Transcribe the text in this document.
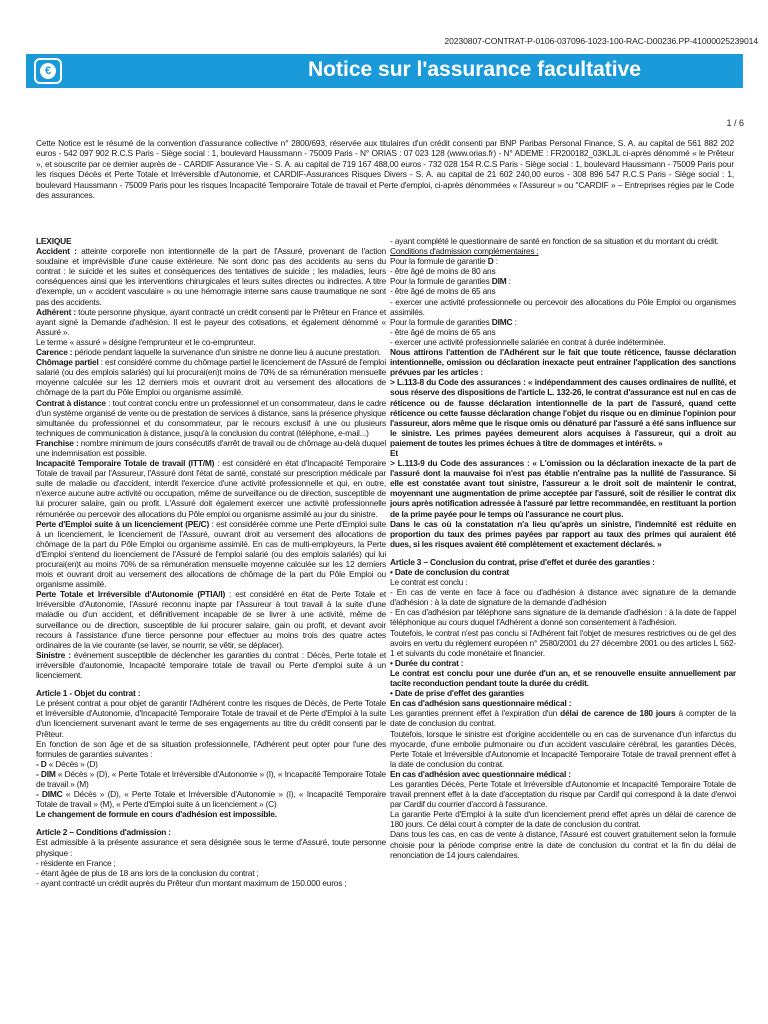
20230807-CONTRAT-P-0106-037096-1023-100-RAC-D00236.PP-41000025239014
€	Notice sur l'assurance facultative
1 / 6
Cette Notice est le résumé de la convention d'assurance collective n° 2800/693, réservée aux titulaires d'un crédit consenti par BNP Paribas Personal Finance, S. A. au capital de 561 882 202 euros - 542 097 902 R.C.S Paris - Siège social : 1, boulevard Haussmann - 75009 Paris - N° ORIAS : 07 023 128 (www.orias.fr) - N° ADEME : FR200182_03KLJL ci-après dénommé « le Prêteur », et souscrite par ce dernier auprès de - CARDIF Assurance Vie - S. A. au capital de 719 167 488,00 euros - 732 028 154 R.C.S Paris - Siège social : 1, boulevard Haussmann - 75009 Paris pour les risques Décès et Perte Totale et Irréversible d'Autonomie, et CARDIF-Assurances Risques Divers - S. A. au capital de 21 602 240,00 euros - 308 896 547 R.C.S Paris - Siège social : 1, boulevard Haussmann - 75009 Paris pour les risques Incapacité Temporaire Totale de travail et Perte d'emploi, ci-après dénommées « l'Assureur » ou "CARDIF » – Entreprises régies par le Code des assurances.

LEXIQUE

Accident : atteinte corporelle non intentionnelle de la part de l'Assuré, provenant de l'action soudaine et imprévisible d'une cause extérieure. Ne sont donc pas des accidents au sens du contrat : le suicide et les suites et conséquences des tentatives de suicide ; les maladies, leurs conséquences ainsi que les interventions chirurgicales et leurs suites directes ou indirectes. A titre d'exemple, un « accident vasculaire » ou une hémorragie interne sans cause traumatique ne sont pas des accidents.

Adhérent : toute personne physique, ayant contracté un crédit consenti par le Prêteur en France et ayant signé la Demande d'adhésion. Il est le payeur des cotisations, et également dénommé « Assuré ».

Le terme « assuré » désigne l'emprunteur et le co-emprunteur.

Carence : période pendant laquelle la survenance d'un sinistre ne donne lieu à aucune prestation.

Chômage partiel : est considéré comme du chômage partiel le licenciement de l'Assuré de l'emploi salarié (ou des emplois salariés) qui lui procurai(en)t moins de 70% de sa rémunération mensuelle moyenne calculée sur les 12 derniers mois et ouvrant droit au versement des allocations de chômage de la part du Pôle Emploi ou organisme assimilé.

Contrat à distance : tout contrat conclu entre un professionnel et un consommateur, dans le cadre d'un système organisé de vente ou de prestation de services à distance, sans la présence physique simultanée du professionnel et du consommateur, par le recours exclusif à une ou plusieurs techniques de communication à distance, jusqu'à la conclusion du contrat (téléphone, e-mail...)

Franchise : nombre minimum de jours consécutifs d'arrêt de travail ou de chômage au-delà duquel une indemnisation est possible.

Incapacité Temporaire Totale de travail (ITT/M) : est considéré en état d'Incapacité Temporaire Totale de travail par l'Assureur, l'Assuré dont l'état de santé, constaté sur prescription médicale par suite de maladie ou d'accident, interdit l'exercice d'une activité professionnelle et qui, en outre, n'exerce aucune autre activité ou occupation, même de surveillance ou de direction, susceptible de lui procurer salaire, gain ou profit. L'Assuré doit également exercer une activité professionnelle rémunérée ou percevoir des allocations du Pôle emploi ou organisme assimilé au jour du sinistre.

Perte d'Emploi suite à un licenciement (PE/C) : est considérée comme une Perte d'Emploi suite à un licenciement, le licenciement de l'Assuré, ouvrant droit au versement des allocations de chômage de la part du Pôle Emploi ou organisme assimilé. En cas de multi-employeurs, la Perte d'Emploi s'entend du licenciement de l'Assuré de l'emploi salarié (ou des emplois salariés) qui lui procurai(en)t au moins 70% de sa rémunération mensuelle moyenne calculée sur les 12 derniers mois et ouvrant droit au versement des allocations de chômage de la part du Pôle Emploi ou organisme assimilé.

Perte Totale et Irréversible d'Autonomie (PTIA/I) : est considéré en état de Perte Totale et Irréversible d'Autonomie, l'Assuré reconnu inapte par l'Assureur à tout travail à la suite d'une maladie ou d'un accident, et définitivement incapable de se livrer à une activité, même de surveillance ou de direction, susceptible de lui procurer salaire, gain ou profit, et devant avoir recours à l'assistance d'une tierce personne pour effectuer au moins trois des quatre actes ordinaires de la vie courante (se laver, se nourrir, se vêtir, se déplacer).

Sinistre : événement susceptible de déclencher les garanties du contrat : Décès, Perte totale et irréversible d'autonomie, Incapacité temporaire totale de travail ou Perte d'emploi suite à un licenciement.

Article 1 - Objet du contrat :

Le présent contrat a pour objet de garantir l'Adhérent contre les risques de Décès, de Perte Totale et Irréversible d'Autonomie, d'Incapacité Temporaire Totale de travail et de Perte d'Emploi à la suite d'un licenciement survenant avant le terme de ses engagements au titre du crédit consenti par le Prêteur.

En fonction de son âge et de sa situation professionnelle, l'Adhérent peut opter pour l'une des formules de garanties suivantes :

- D « Décès » (D)

- DIM « Décès » (D), « Perte Totale et Irréversible d'Autonomie » (I), « Incapacité Temporaire Totale de travail » (M)

- DIMC « Décès » (D), « Perte Totale et Irréversible d'Autonomie » (I), « Incapacité Temporaire Totale de travail » (M), « Perte d'Emploi suite à un licenciement » (C)

Le changement de formule en cours d'adhésion est impossible.

Article 2 – Conditions d'admission :

Est admissible à la présente assurance et sera désignée sous le terme d'Assuré, toute personne physique :

- résidente en France ;

- étant âgée de plus de 18 ans lors de la conclusion du contrat ;

- ayant contracté un crédit auprès du Prêteur d'un montant maximum de 150.000 euros ;

- ayant complété le questionnaire de santé en fonction de sa situation et du montant du crédit.

Conditions d'admission complémentaires :

Pour la formule de garantie D :

- être âgé de moins de 80 ans

Pour la formule de garanties DIM :

- être âgé de moins de 65 ans

- exercer une activité professionnelle ou percevoir des allocations du Pôle Emploi ou organismes assimilés.

Pour la formule de garanties DIMC :

- être âgé de moins de 65 ans

- exercer une activité professionnelle salariée en contrat à durée indéterminée.

Nous attirons l'attention de l'Adhérent sur le fait que toute réticence, fausse déclaration intentionnelle, omission ou déclaration inexacte peut entrainer l'application des sanctions prévues par les articles :

> L.113-8 du Code des assurances : « indépendamment des causes ordinaires de nullité, et sous réserve des dispositions de l'article L. 132-26, le contrat d'assurance est nul en cas de réticence ou de fausse déclaration intentionnelle de la part de l'assuré, quand cette réticence ou cette fausse déclaration change l'objet du risque ou en diminue l'opinion pour l'assureur, alors même que le risque omis ou dénaturé par l'assuré a été sans influence sur le sinistre. Les primes payées demeurent alors acquises à l'assureur, qui a droit au paiement de toutes les primes échues à titre de dommages et intérêts. »

Et

> L.113-9 du Code des assurances : « L'omission ou la déclaration inexacte de la part de l'assuré dont la mauvaise foi n'est pas établie n'entraîne pas la nullité de l'assurance. Si elle est constatée avant tout sinistre, l'assureur a le droit soit de maintenir le contrat, moyennant une augmentation de prime acceptée par l'assuré, soit de résilier le contrat dix jours après notification adressée à l'assuré par lettre recommandée, en restituant la portion de la prime payée pour le temps où l'assurance ne court plus.

Dans le cas où la constatation n'a lieu qu'après un sinistre, l'indemnité est réduite en proportion du taux des primes payées par rapport au taux des primes qui auraient été dues, si les risques avaient été complètement et exactement déclarés. »

Article 3 – Conclusion du contrat, prise d'effet et durée des garanties :

• Date de conclusion du contrat

Le contrat est conclu :

- En cas de vente en face à face ou d'adhésion à distance avec signature de la demande d'adhésion : à la date de signature de la demande d'adhésion

- En cas d'adhésion par téléphone sans signature de la demande d'adhésion : à la date de l'appel téléphonique au cours duquel l'Adhérent a donné son consentement à l'adhésion.

Toutefois, le contrat n'est pas conclu si l'Adhérent fait l'objet de mesures restrictives ou de gel des avoirs en vertu du règlement européen n° 2580/2001 du 27 décembre 2001 ou des articles L 562-1 et suivants du code monétaire et financier.

• Durée du contrat :

Le contrat est conclu pour une durée d'un an, et se renouvelle ensuite annuellement par tacite reconduction pendant toute la durée du crédit.

• Date de prise d'effet des garanties

En cas d'adhésion sans questionnaire médical :

Les garanties prennent effet à l'expiration d'un délai de carence de 180 jours à compter de la date de conclusion du contrat.

Toutefois, lorsque le sinistre est d'origine accidentelle ou en cas de survenance d'un infarctus du myocarde, d'une embolie pulmonaire ou d'un accident vasculaire cérébral, les garanties Décès, Perte Totale et Irréversible d'Autonomie et Incapacité Temporaire Totale de travail prennent effet à la date de conclusion du contrat.

En cas d'adhésion avec questionnaire médical :

Les garanties Décès, Perte Totale et Irréversible d'Autonomie et Incapacité Temporaire Totale de travail prennent effet à la date d'acceptation du risque par Cardif qui correspond à la date d'envoi par Cardif du courrier d'accord à l'assurance.

La garantie Perte d'Emploi à la suite d'un licenciement prend effet après un délai de carence de 180 jours. Ce délai court à compter de la date de conclusion du contrat.

Dans tous les cas, en cas de vente à distance, l'Assuré est couvert gratuitement selon la formule choisie pour la période comprise entre la date de conclusion du contrat et la fin du délai de renonciation de 14 jours calendaires.
